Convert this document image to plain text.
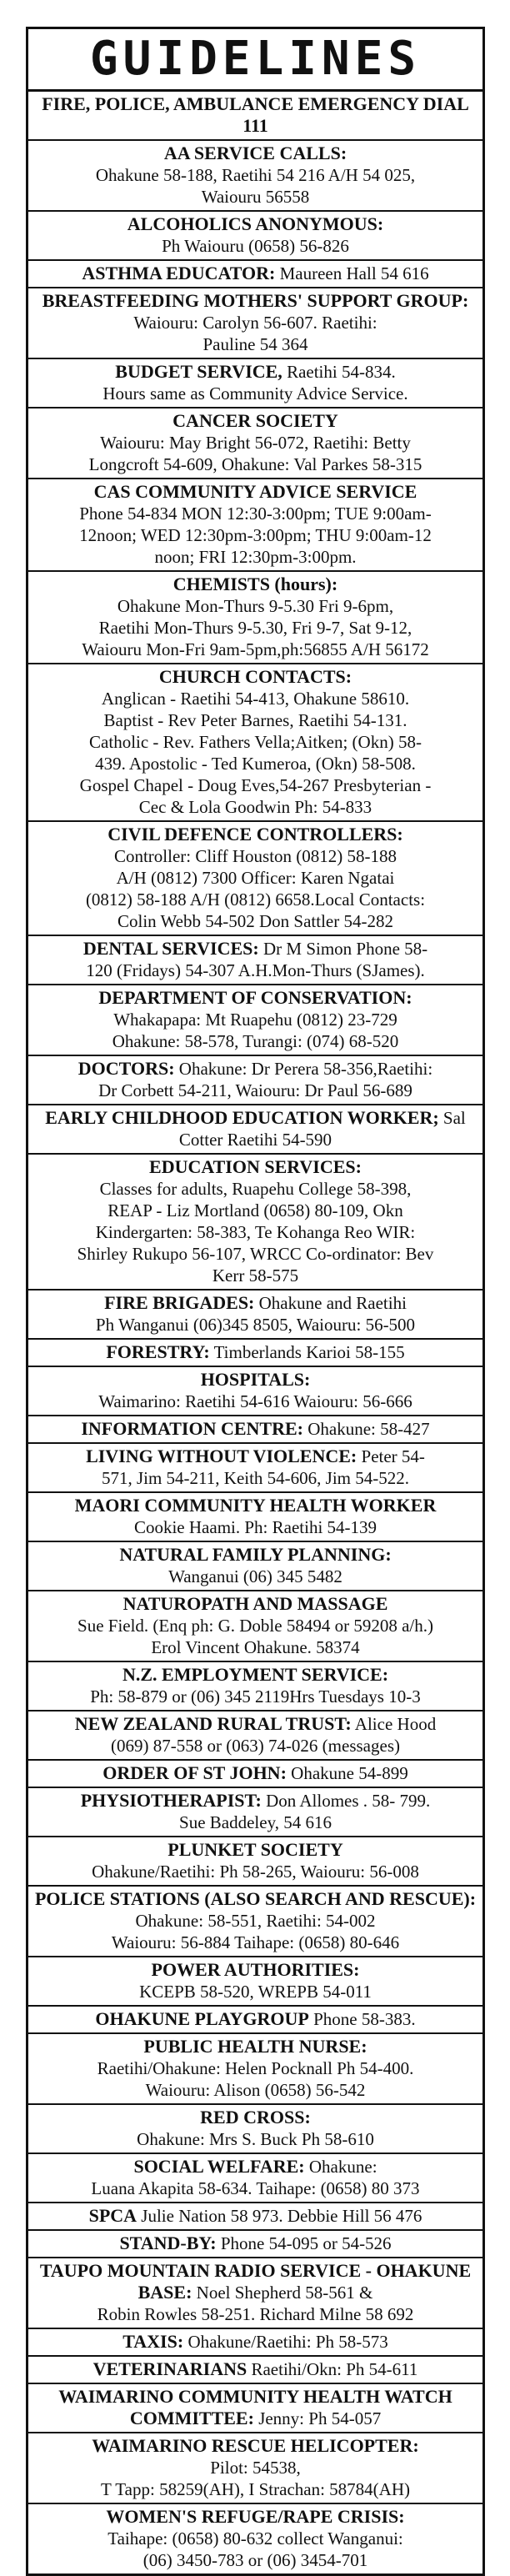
GUIDELINES
FIRE, POLICE, AMBULANCE EMERGENCY DIAL 111
AA SERVICE CALLS:
Ohakune 58-188, Raetihi 54 216 A/H 54 025,
Waiouru 56558
ALCOHOLICS ANONYMOUS:
Ph Waiouru (0658) 56-826
ASTHMA EDUCATOR: Maureen Hall 54 616
BREASTFEEDING MOTHERS' SUPPORT GROUP: Waiouru: Carolyn 56-607. Raetihi:
Pauline 54 364
BUDGET SERVICE, Raetihi 54-834.
Hours same as Community Advice Service.
CANCER SOCIETY
Waiouru: May Bright 56-072, Raetihi: Betty
Longcroft 54-609, Ohakune: Val Parkes 58-315
CAS COMMUNITY ADVICE SERVICE
Phone 54-834 MON 12:30-3:00pm; TUE 9:00am-
12noon; WED 12:30pm-3:00pm; THU 9:00am-12
noon; FRI 12:30pm-3:00pm.
CHEMISTS (hours):
Ohakune Mon-Thurs 9-5.30 Fri 9-6pm,
Raetihi Mon-Thurs 9-5.30, Fri 9-7, Sat 9-12,
Waiouru Mon-Fri 9am-5pm,ph:56855 A/H 56172
CHURCH CONTACTS:
Anglican - Raetihi 54-413, Ohakune 58610.
Baptist - Rev Peter Barnes, Raetihi 54-131.
Catholic - Rev. Fathers Vella;Aitken; (Okn) 58-
439. Apostolic - Ted Kumeroa, (Okn) 58-508.
Gospel Chapel - Doug Eves,54-267 Presbyterian -
Cec & Lola Goodwin Ph: 54-833
CIVIL DEFENCE CONTROLLERS:
Controller: Cliff Houston (0812) 58-188
A/H (0812) 7300 Officer: Karen Ngatai
(0812) 58-188 A/H (0812) 6658.Local Contacts:
Colin Webb 54-502 Don Sattler 54-282
DENTAL SERVICES: Dr M Simon Phone 58-
120 (Fridays) 54-307 A.H.Mon-Thurs (SJames).
DEPARTMENT OF CONSERVATION:
Whakapapa: Mt Ruapehu (0812) 23-729
Ohakune: 58-578, Turangi: (074) 68-520
DOCTORS: Ohakune: Dr Perera 58-356,Raetihi:
Dr Corbett 54-211, Waiouru: Dr Paul 56-689
EARLY CHILDHOOD EDUCATION WORKER; Sal Cotter Raetihi 54-590
EDUCATION SERVICES:
Classes for adults, Ruapehu College 58-398,
REAP - Liz Mortland (0658) 80-109, Okn
Kindergarten: 58-383, Te Kohanga Reo WIR:
Shirley Rukupo 56-107, WRCC Co-ordinator: Bev
Kerr 58-575
FIRE BRIGADES: Ohakune and Raetihi
Ph Wanganui (06)345 8505, Waiouru: 56-500
FORESTRY: Timberlands Karioi 58-155
HOSPITALS:
Waimarino: Raetihi 54-616 Waiouru: 56-666
INFORMATION CENTRE: Ohakune: 58-427
LIVING WITHOUT VIOLENCE: Peter 54-
571, Jim 54-211, Keith 54-606, Jim 54-522.
MAORI COMMUNITY HEALTH WORKER
Cookie Haami. Ph: Raetihi 54-139
NATURAL FAMILY PLANNING:
Wanganui (06) 345 5482
NATUROPATH AND MASSAGE
Sue Field. (Enq ph: G. Doble 58494 or 59208 a/h.)
Erol Vincent Ohakune. 58374
N.Z. EMPLOYMENT SERVICE:
Ph: 58-879 or (06) 345 2119Hrs Tuesdays 10-3
NEW ZEALAND RURAL TRUST: Alice Hood
(069) 87-558 or (063) 74-026 (messages)
ORDER OF ST JOHN: Ohakune 54-899
PHYSIOTHERAPIST: Don Allomes . 58- 799.
Sue Baddeley, 54 616
PLUNKET SOCIETY
Ohakune/Raetihi: Ph 58-265, Waiouru: 56-008
POLICE STATIONS (ALSO SEARCH AND RESCUE):
Ohakune: 58-551, Raetihi: 54-002
Waiouru: 56-884 Taihape: (0658) 80-646
POWER AUTHORITIES:
KCEPB 58-520, WREPB 54-011
OHAKUNE PLAYGROUP Phone 58-383.
PUBLIC HEALTH NURSE:
Raetihi/Ohakune: Helen Pocknall Ph 54-400.
Waiouru: Alison (0658) 56-542
RED CROSS:
Ohakune: Mrs S. Buck Ph 58-610
SOCIAL WELFARE: Ohakune:
Luana Akapita 58-634. Taihape: (0658) 80 373
SPCA Julie Nation 58 973. Debbie Hill 56 476
STAND-BY: Phone 54-095 or 54-526
TAUPO MOUNTAIN RADIO SERVICE - OHAKUNE BASE: Noel Shepherd 58-561 &
Robin Rowles 58-251. Richard Milne 58 692
TAXIS: Ohakune/Raetihi: Ph 58-573
VETERINARIANS Raetihi/Okn: Ph 54-611
WAIMARINO COMMUNITY HEALTH WATCH COMMITTEE: Jenny: Ph 54-057
WAIMARINO RESCUE HELICOPTER:
Pilot: 54538,
T Tapp: 58259(AH), I Strachan: 58784(AH)
WOMEN'S REFUGE/RAPE CRISIS:
Taihape: (0658) 80-632 collect Wanganui:
(06) 3450-783 or (06) 3454-701
